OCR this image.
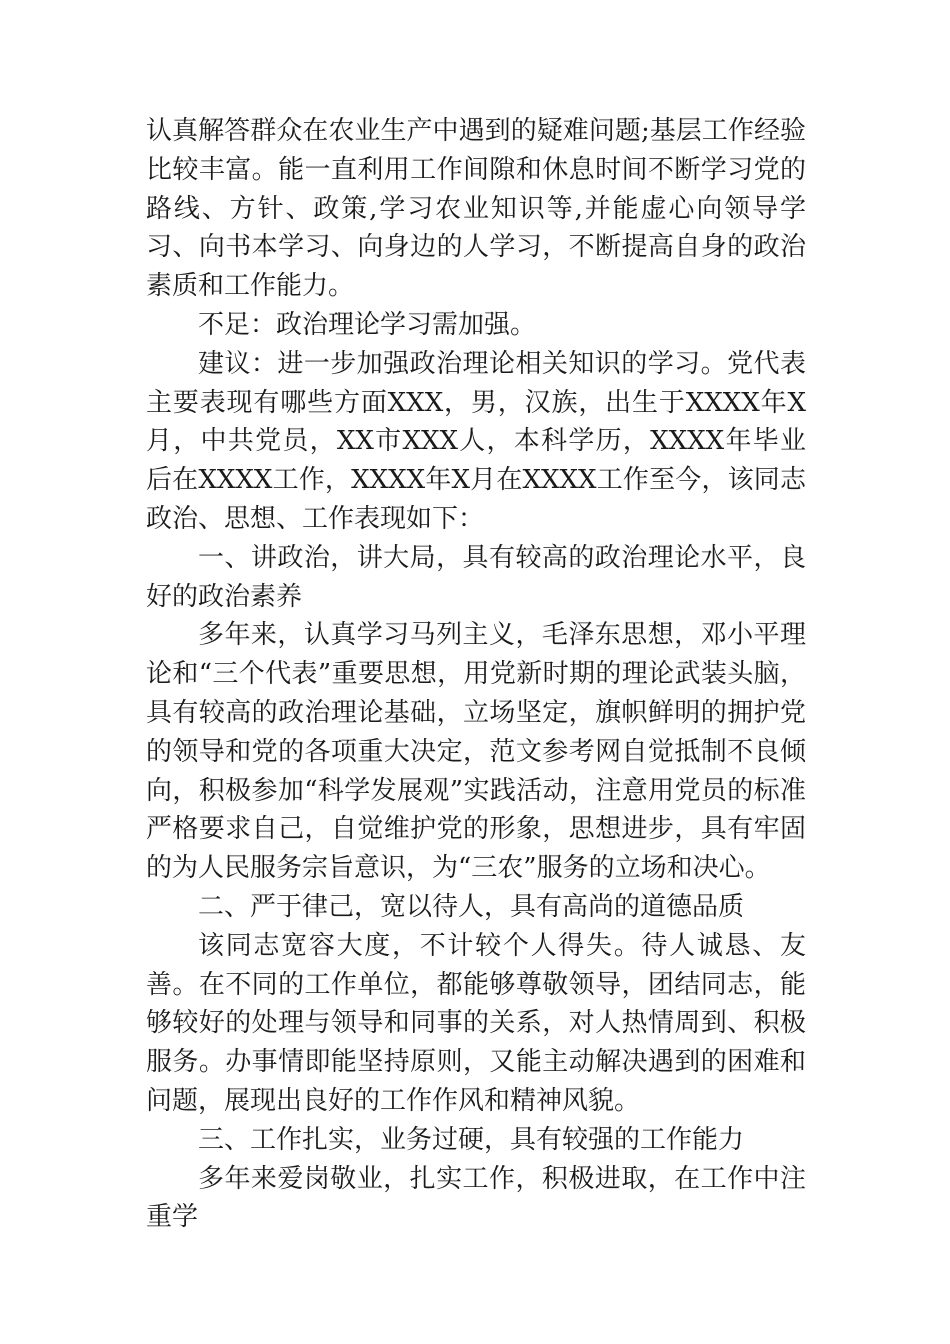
认真解答群众在农业生产中遇到的疑难问题;基层工作经验比较丰富。能一直利用工作间隙和休息时间不断学习党的路线、方针、政策,学习农业知识等,并能虚心向领导学习、向书本学习、向身边的人学习，不断提高自身的政治素质和工作能力。

不足：政治理论学习需加强。

建议：进一步加强政治理论相关知识的学习。党代表主要表现有哪些方面XXX，男，汉族，出生于XXXX年X月，中共党员，XX市XXX人，本科学历，XXXX年毕业后在XXXX工作，XXXX年X月在XXXX工作至今，该同志政治、思想、工作表现如下：

一、讲政治，讲大局，具有较高的政治理论水平，良好的政治素养

多年来，认真学习马列主义，毛泽东思想，邓小平理论和“三个代表”重要思想，用党新时期的理论武装头脑，具有较高的政治理论基础，立场坚定，旗帜鲜明的拥护党的领导和党的各项重大决定，范文参考网自觉抵制不良倾向，积极参加“科学发展观”实践活动，注意用党员的标准严格要求自己，自觉维护党的形象，思想进步，具有牢固的为人民服务宗旨意识，为“三农”服务的立场和决心。

二、严于律己，宽以待人，具有高尚的道德品质

该同志宽容大度，不计较个人得失。待人诚恳、友善。在不同的工作单位，都能够尊敬领导，团结同志，能够较好的处理与领导和同事的关系，对人热情周到、积极服务。办事情即能坚持原则，又能主动解决遇到的困难和问题，展现出良好的工作作风和精神风貌。

三、工作扎实，业务过硬，具有较强的工作能力

多年来爱岗敬业，扎实工作，积极进取，在工作中注重学
